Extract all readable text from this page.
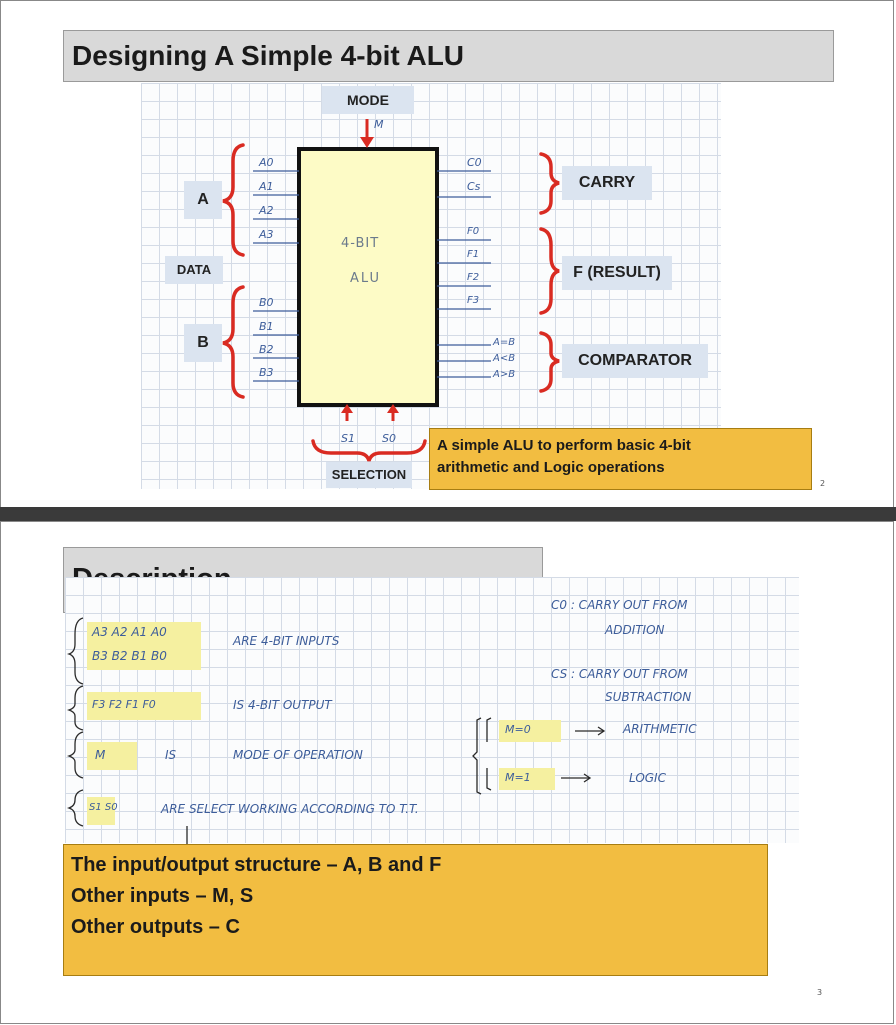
Designing A Simple 4-bit ALU
MODE
A
DATA
B
CARRY
F (RESULT)
COMPARATOR
SELECTION
M
A0
A1
A2
A3
B0
B1
B2
B3
4-BIT
ALU
C0
Cs
F0
F1
F2
F3
A=B
A<B
A>B
S1 S0	A simple ALU to perform basic 4-bit
arithmetic and Logic operations
2
A3 A2 A1 A0
B3 B2 B1 B0
ARE 4-BIT INPUTS
F3 F2 F1 F0	IS 4-BIT OUTPUT
M	IS	MODE OF OPERATION
M=0	ARITHMETIC
M=1	LOGIC
S1 S0	ARE SELECT WORKING ACCORDING TO T.T.
C0 : CARRY OUT FROM
ADDITION
CS : CARRY OUT FROM
SUBTRACTION
The input/output structure – A, B and F
Other inputs – M, S
Other outputs – C
3
